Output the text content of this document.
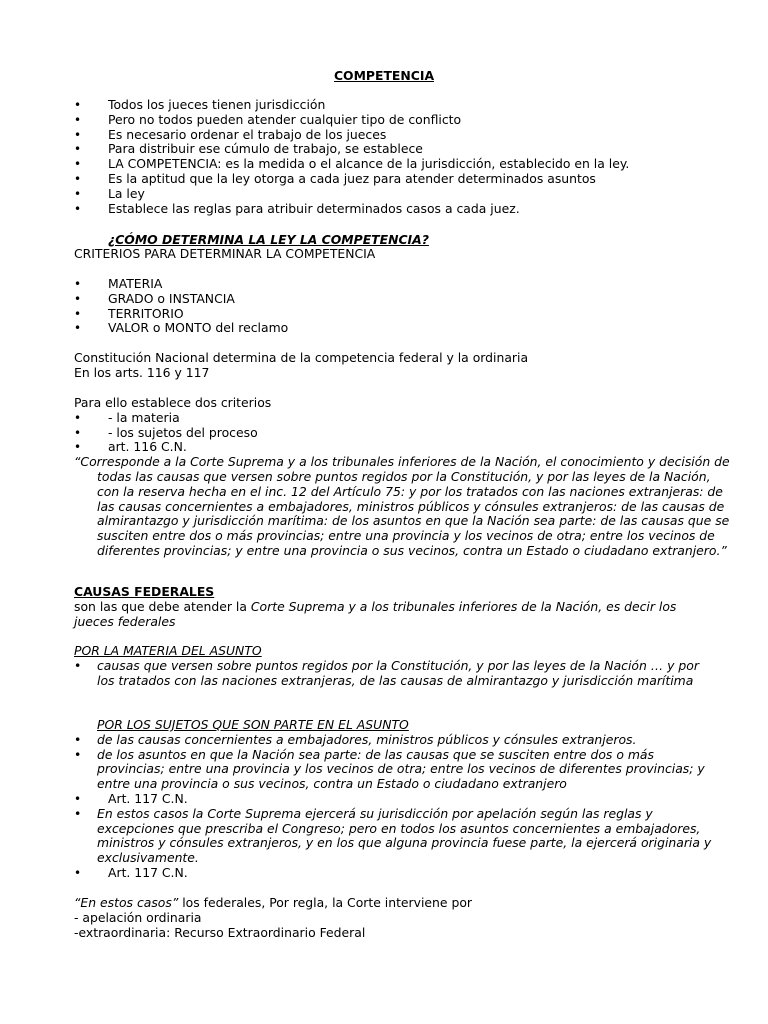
COMPETENCIA
• Todos los jueces tienen jurisdicción
• Pero no todos pueden atender cualquier tipo de conflicto
• Es necesario ordenar el trabajo de los jueces
• Para distribuir ese cúmulo de trabajo, se establece
• LA COMPETENCIA: es la medida o el alcance de la jurisdicción, establecido en la ley.
• Es la aptitud que la ley otorga a cada juez para atender determinados asuntos
• La ley
• Establece las reglas para atribuir determinados casos a cada juez.
¿CÓMO DETERMINA LA LEY LA COMPETENCIA?
CRITERIOS PARA DETERMINAR LA COMPETENCIA
• MATERIA
• GRADO o INSTANCIA
• TERRITORIO
• VALOR o MONTO del reclamo
Constitución Nacional determina de la competencia federal y la ordinaria
En los arts. 116 y 117
Para ello establece dos criterios
• - la materia
• - los sujetos del proceso
• art. 116 C.N.
“Corresponde a la Corte Suprema y a los tribunales inferiores de la Nación, el conocimiento y decisión de todas las causas que versen sobre puntos regidos por la Constitución, y por las leyes de la Nación, con la reserva hecha en el inc. 12 del Artículo 75: y por los tratados con las naciones extranjeras: de las causas concernientes a embajadores, ministros públicos y cónsules extranjeros: de las causas de almirantazgo y jurisdicción marítima: de los asuntos en que la Nación sea parte: de las causas que se susciten entre dos o más provincias; entre una provincia y los vecinos de otra; entre los vecinos de diferentes provincias; y entre una provincia o sus vecinos, contra un Estado o ciudadano extranjero.”
CAUSAS FEDERALES
son las que debe atender la Corte Suprema y a los tribunales inferiores de la Nación, es decir los jueces federales
POR LA MATERIA DEL ASUNTO
• causas que versen sobre puntos regidos por la Constitución, y por las leyes de la Nación … y por los tratados con las naciones extranjeras, de las causas de almirantazgo y jurisdicción marítima
POR LOS SUJETOS QUE SON PARTE EN EL ASUNTO
• de las causas concernientes a embajadores, ministros públicos y cónsules extranjeros.
• de los asuntos en que la Nación sea parte: de las causas que se susciten entre dos o más provincias; entre una provincia y los vecinos de otra; entre los vecinos de diferentes provincias; y entre una provincia o sus vecinos, contra un Estado o ciudadano extranjero
• Art. 117 C.N.
• En estos casos la Corte Suprema ejercerá su jurisdicción por apelación según las reglas y excepciones que prescriba el Congreso; pero en todos los asuntos concernientes a embajadores, ministros y cónsules extranjeros, y en los que alguna provincia fuese parte, la ejercerá originaria y exclusivamente.
• Art. 117 C.N.
“En estos casos” los federales, Por regla, la Corte interviene por
- apelación ordinaria
-extraordinaria: Recurso Extraordinario Federal
